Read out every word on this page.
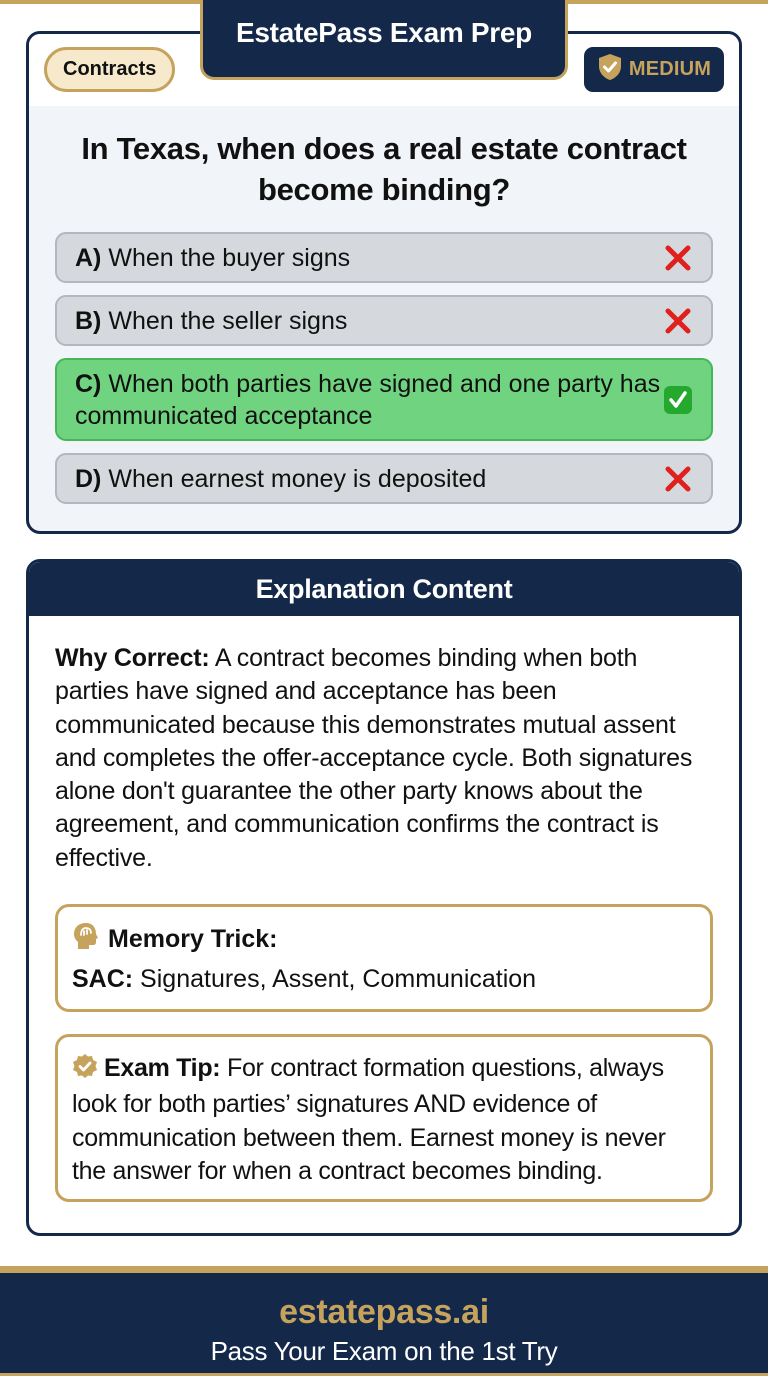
EstatePass Exam Prep
Contracts	MEDIUM
In Texas, when does a real estate contract become binding?
A) When the buyer signs
B) When the seller signs
C) When both parties have signed and one party has communicated acceptance
D) When earnest money is deposited
Explanation Content
Why Correct: A contract becomes binding when both parties have signed and acceptance has been communicated because this demonstrates mutual assent and completes the offer-acceptance cycle. Both signatures alone don't guarantee the other party knows about the agreement, and communication confirms the contract is effective.
Memory Trick:
SAC: Signatures, Assent, Communication
Exam Tip: For contract formation questions, always look for both parties’ signatures AND evidence of communication between them. Earnest money is never the answer for when a contract becomes binding.
estatepass.ai
Pass Your Exam on the 1st Try
